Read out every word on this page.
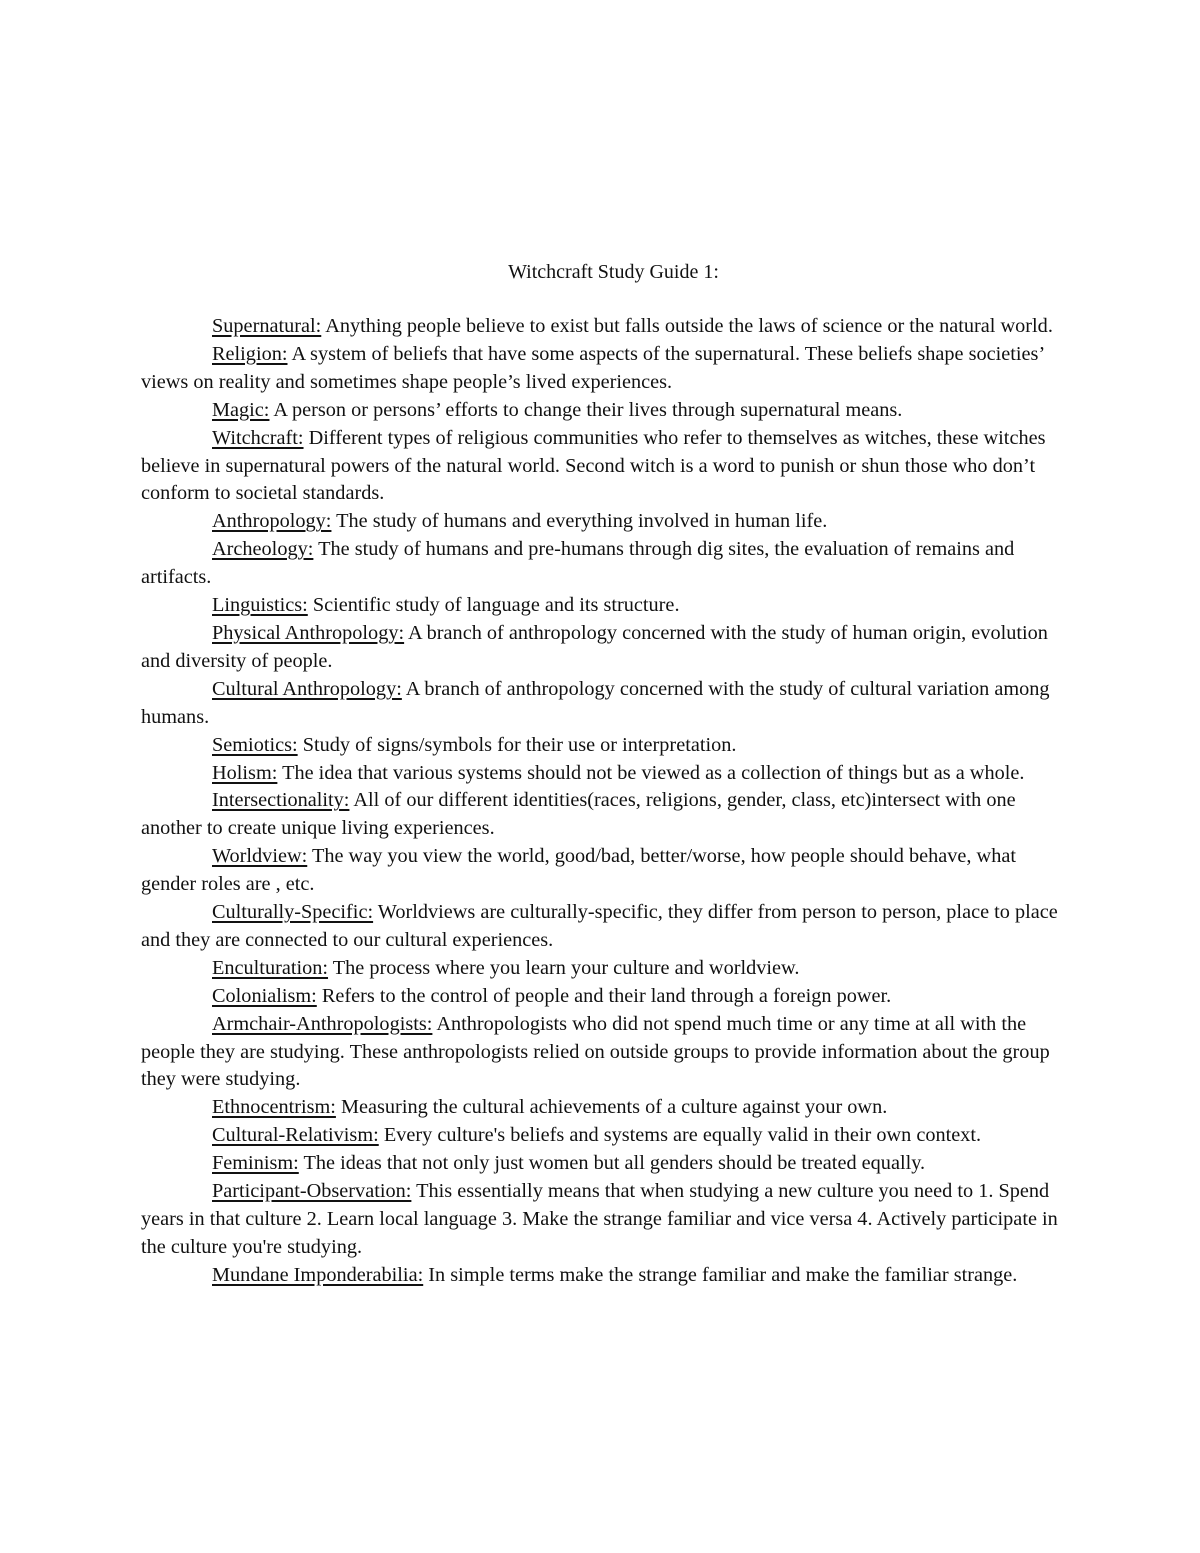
Witchcraft Study Guide 1:

Supernatural: Anything people believe to exist but falls outside the laws of science or the natural world.

Religion: A system of beliefs that have some aspects of the supernatural. These beliefs shape societies’ views on reality and sometimes shape people’s lived experiences.

Magic: A person or persons’ efforts to change their lives through supernatural means.

Witchcraft: Different types of religious communities who refer to themselves as witches, these witches believe in supernatural powers of the natural world. Second witch is a word to punish or shun those who don’t conform to societal standards.

Anthropology: The study of humans and everything involved in human life.

Archeology: The study of humans and pre-humans through dig sites, the evaluation of remains and artifacts.

Linguistics: Scientific study of language and its structure.

Physical Anthropology: A branch of anthropology concerned with the study of human origin, evolution and diversity of people.

Cultural Anthropology: A branch of anthropology concerned with the study of cultural variation among humans.

Semiotics: Study of signs/symbols for their use or interpretation.

Holism: The idea that various systems should not be viewed as a collection of things but as a whole.

Intersectionality: All of our different identities(races, religions, gender, class, etc)intersect with one another to create unique living experiences.

Worldview: The way you view the world, good/bad, better/worse, how people should behave, what gender roles are , etc.

Culturally-Specific: Worldviews are culturally-specific, they differ from person to person, place to place and they are connected to our cultural experiences.

Enculturation: The process where you learn your culture and worldview.

Colonialism: Refers to the control of people and their land through a foreign power.

Armchair-Anthropologists: Anthropologists who did not spend much time or any time at all with the people they are studying. These anthropologists relied on outside groups to provide information about the group they were studying.

Ethnocentrism: Measuring the cultural achievements of a culture against your own.

Cultural-Relativism: Every culture's beliefs and systems are equally valid in their own context.

Feminism: The ideas that not only just women but all genders should be treated equally.

Participant-Observation: This essentially means that when studying a new culture you need to 1. Spend years in that culture 2. Learn local language 3. Make the strange familiar and vice versa 4. Actively participate in the culture you're studying.

Mundane Imponderabilia: In simple terms make the strange familiar and make the familiar strange.
